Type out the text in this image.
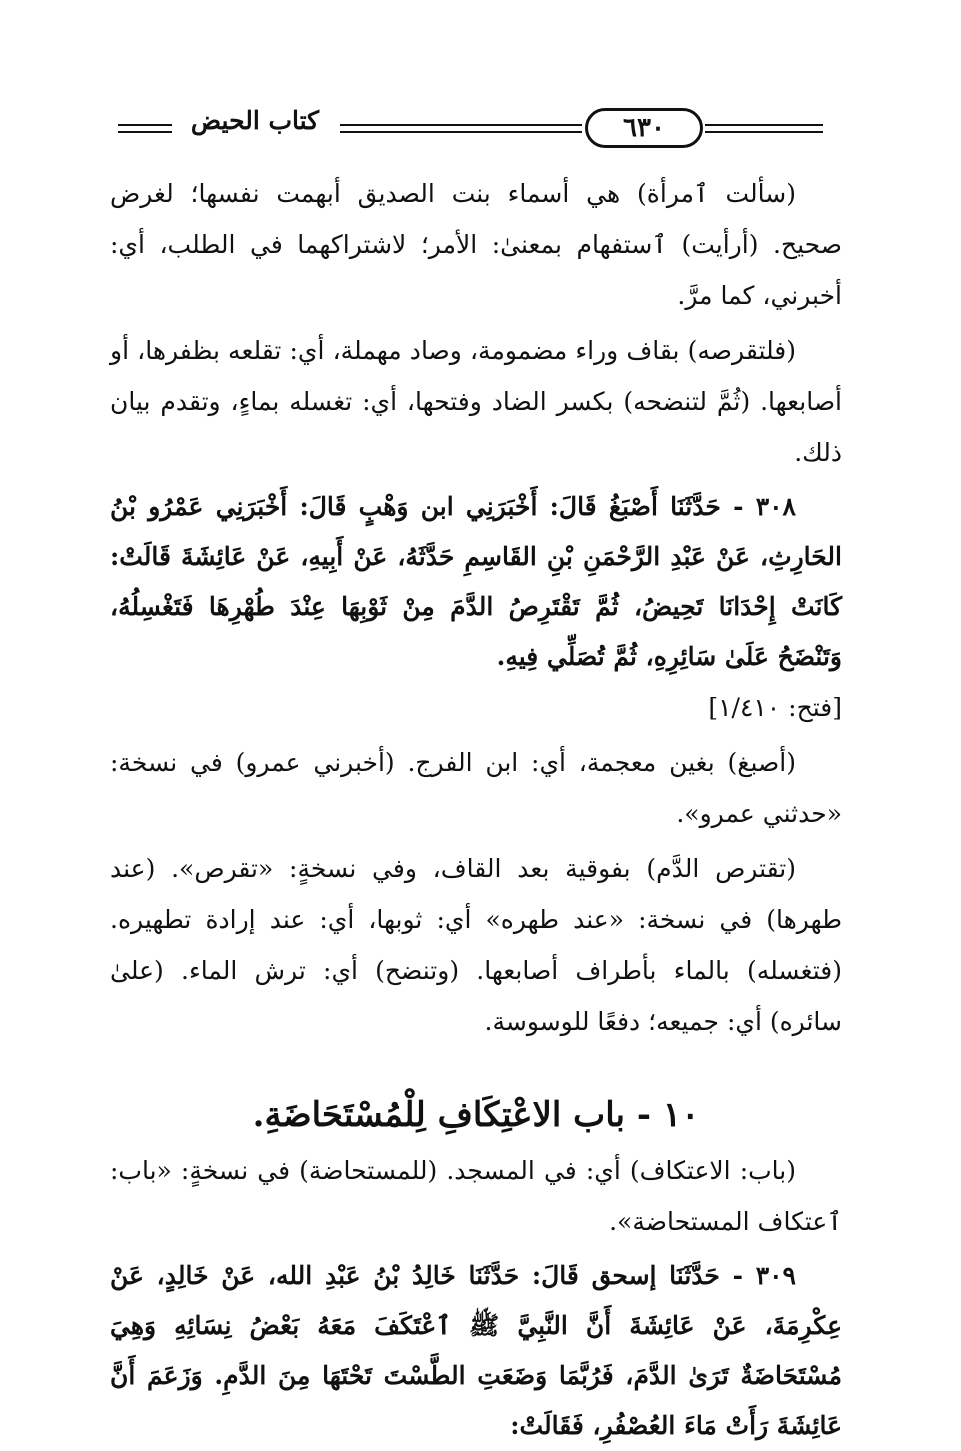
٦٣٠
كتاب الحيض

(سألت ٱمرأة) هي أسماء بنت الصديق أبهمت نفسها؛ لغرض صحيح. (أرأيت) ٱستفهام بمعنىٰ: الأمر؛ لاشتراكهما في الطلب، أي: أخبرني، كما مرَّ.

(فلتقرصه) بقاف وراء مضمومة، وصاد مهملة، أي: تقلعه بظفرها، أو أصابعها. (ثُمَّ لتنضحه) بكسر الضاد وفتحها، أي: تغسله بماءٍ، وتقدم بيان ذلك.

٣٠٨ - حَدَّثَنَا أَصْبَغُ قَالَ: أَخْبَرَنِي ابن وَهْبٍ قَالَ: أَخْبَرَنِي عَمْرُو بْنُ الحَارِثِ، عَنْ عَبْدِ الرَّحْمَنِ بْنِ القَاسِمِ حَدَّثَهُ، عَنْ أَبِيهِ، عَنْ عَائِشَةَ قَالَتْ: كَانَتْ إِحْدَانَا تَحِيضُ، ثُمَّ تَقْتَرِصُ الدَّمَ مِنْ ثَوْبِهَا عِنْدَ طُهْرِهَا فَتَغْسِلُهُ، وَتَنْضَحُ عَلَىٰ سَائِرِهِ، ثُمَّ تُصَلِّي فِيهِ.

[فتح: ١/٤١٠]

(أصبغ) بغين معجمة، أي: ابن الفرج. (أخبرني عمرو) في نسخة: «حدثني عمرو».

(تقترص الدَّم) بفوقية بعد القاف، وفي نسخةٍ: «تقرص». (عند طهرها) في نسخة: «عند طهره» أي: ثوبها، أي: عند إرادة تطهيره. (فتغسله) بالماء بأطراف أصابعها. (وتنضح) أي: ترش الماء. (علىٰ سائره) أي: جميعه؛ دفعًا للوسوسة.

١٠ - باب الاعْتِكَافِ لِلْمُسْتَحَاضَةِ.

(باب: الاعتكاف) أي: في المسجد. (للمستحاضة) في نسخةٍ: «باب: ٱعتكاف المستحاضة».

٣٠٩ - حَدَّثَنَا إسحق قَالَ: حَدَّثَنَا خَالِدُ بْنُ عَبْدِ الله، عَنْ خَالِدٍ، عَنْ عِكْرِمَةَ، عَنْ عَائِشَةَ أَنَّ النَّبِيَّ ﷺ ٱعْتَكَفَ مَعَهُ بَعْضُ نِسَائِهِ وَهِيَ مُسْتَحَاضَةٌ تَرَىٰ الدَّمَ، فَرُبَّمَا وَضَعَتِ الطَّسْتَ تَحْتَهَا مِنَ الدَّمِ. وَزَعَمَ أَنَّ عَائِشَةَ رَأَتْ مَاءَ العُصْفُرِ، فَقَالَتْ:
